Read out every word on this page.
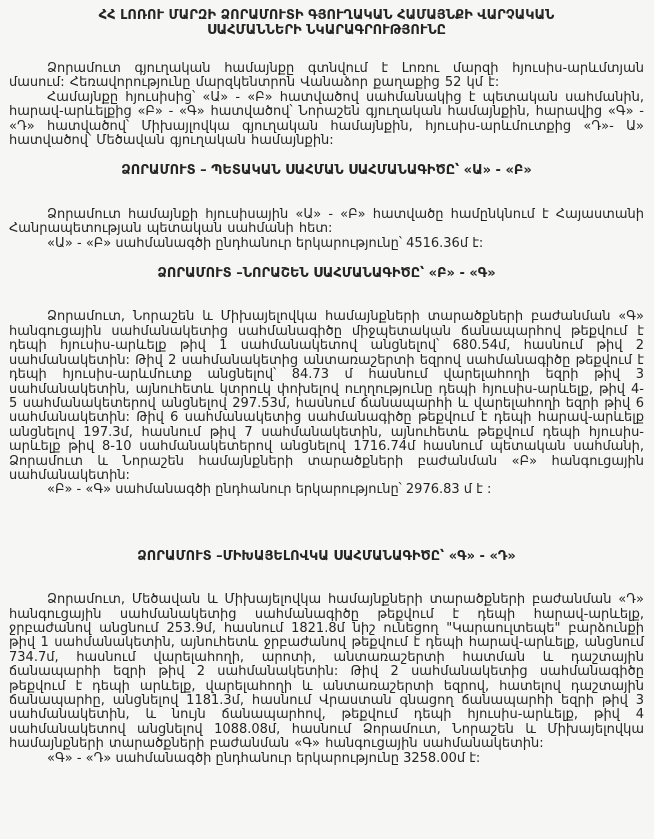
ՀՀ ԼՈՌՈՒ ՄԱՐԶԻ ՁՈՐԱՄՈՒՏԻ ԳՅՈՒՂԱԿԱՆ ՀԱՄԱՅՆՔԻ ՎԱՐՉԱԿԱՆ
ՍԱՀՄԱՆՆԵՐԻ ՆԿԱՐԱԳՐՈՒԹՅՈՒՆԸ

Ձորամուտ գյուղական համայնքը գտնվում է Լոռու մարզի հյուսիս-արևմտյան մասում: Հեռավորությունը մարզկենտրոն Վանաձոր քաղաքից 52 կմ է:

Համայնքը հյուսիսից՝ «Ա» - «Բ» հատվածով սահմանակից է պետական սահմանին, հարավ-արևելքից «Բ» - «Գ» հատվածով՝ Նորաշեն գյուղական համայնքին, հարավից «Գ» - «Դ» հատվածով՝ Միխայլովկա գյուղական համայնքին, հյուսիս-արևմուտքից «Դ»- Ա» հատվածով՝ Մեծավան գյուղական համայնքին:

ՁՈՐԱՄՈՒՏ – ՊԵՏԱԿԱՆ ՍԱՀՄԱՆ ՍԱՀՄԱՆԱԳԻԾԸ՝ «Ա» - «Բ»

Ձորամուտ համայնքի հյուսիսային «Ա» - «Բ» հատվածը համընկնում է Հայաստանի Հանրապետության պետական սահմանի հետ:

«Ա» - «Բ» սահմանագծի ընդհանուր երկարությունը՝ 4516.36մ է:

ՁՈՐԱՄՈՒՏ –ՆՈՐԱՇԵՆ ՍԱՀՄԱՆԱԳԻԾԸ՝ «Բ» - «Գ»

Ձորամուտ, Նորաշեն և Միխայելովկա համայնքների տարածքների բաժանման «Գ» հանգուցային սահմանակետից սահմանագիծը միջպետական ճանապարհով թեքվում է դեպի հյուսիս-արևելք թիվ 1 սահմանակետով անցնելով՝ 680.54մ, հասնում թիվ 2 սահմանակետին: Թիվ 2 սահմանակետից անտառաշերտի եզրով սահմանագիծը թեքվում է դեպի հյուսիս-արևմուտք անցնելով՝ 84.73 մ հասնում վարելահողի եզրի թիվ 3 սահմանակետին, այնուհետև կտրուկ փոխելով ուղղությունը դեպի հյուսիս-արևելք, թիվ 4-5 սահմանակետերով անցնելով 297.53մ, հասնում ճանապարհի և վարելահողի եզրի թիվ 6 սահմանակետին: Թիվ 6 սահմանակետից սահմանագիծը թեքվում է դեպի հարավ-արևելք անցնելով 197.3մ, հասնում թիվ 7 սահմանակետին, այնուհետև թեքվում դեպի հյուսիս-արևելք թիվ 8-10 սահմանակետերով անցնելով 1716.74մ հասնում պետական սահմանի, Ձորամուտ և Նորաշեն համայնքների տարածքների բաժանման «Բ» հանգուցային սահմանակետին:

«Բ» - «Գ» սահմանագծի ընդհանուր երկարությունը՝ 2976.83 մ է :

ՁՈՐԱՄՈՒՏ –ՄԻԽԱՅԵԼՈՎԿԱ ՍԱՀՄԱՆԱԳԻԾԸ՝ «Գ» - «Դ»

Ձորամուտ, Մեծավան և Միխայելովկա համայնքների տարածքների բաժանման «Դ» հանգուցային սահմանակետից սահմանագիծը թեքվում է դեպի հարավ-արևելք, ջրբաժանով անցնում 253.9մ, հասնում 1821.8մ նիշ ունեցող "Կարաուլտեպե" բարձունքի թիվ 1 սահմանակետին, այնուհետև ջրբաժանով թեքվում է դեպի հարավ-արևելք, անցնում 734.7մ, հասնում վարելահողի, արոտի, անտառաշերտի հատման և դաշտային ճանապարհի եզրի թիվ 2 սահմանակետին: Թիվ 2 սահմանակետից սահմանագիծը թեքվում է դեպի արևելք, վարելահողի և անտառաշերտի եզրով, հատելով դաշտային ճանապարհը, անցնելով 1181.3մ, հասնում Վրաստան գնացող ճանապարհի եզրի թիվ 3 սահմանակետին, և նույն ճանապարհով, թեքվում դեպի հյուսիս-արևելք, թիվ 4 սահմանակետով անցնելով 1088.08մ, հասնում Ձորամուտ, Նորաշեն և Միխայելովկա համայնքների տարածքների բաժանման «Գ» հանգուցային սահմանակետին:

«Գ» - «Դ» սահմանագծի ընդհանուր երկարությունը 3258.00մ է:
